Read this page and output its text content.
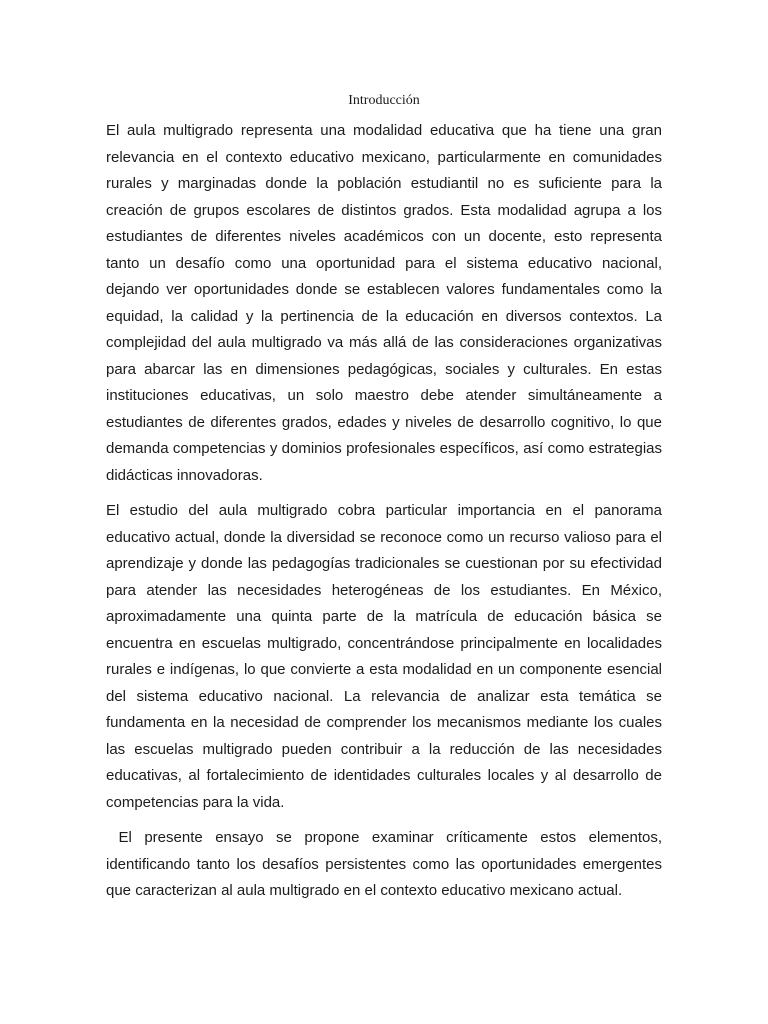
Introducción

El aula multigrado representa una modalidad educativa que ha tiene una gran relevancia en el contexto educativo mexicano, particularmente en comunidades rurales y marginadas donde la población estudiantil no es suficiente para la creación de grupos escolares de distintos grados. Esta modalidad agrupa a los estudiantes de diferentes niveles académicos con un docente, esto representa tanto un desafío como una oportunidad para el sistema educativo nacional, dejando ver oportunidades donde se establecen valores fundamentales como la equidad, la calidad y la pertinencia de la educación en diversos contextos. La complejidad del aula multigrado va más allá de las consideraciones organizativas para abarcar las en dimensiones pedagógicas, sociales y culturales. En estas instituciones educativas, un solo maestro debe atender simultáneamente a estudiantes de diferentes grados, edades y niveles de desarrollo cognitivo, lo que demanda competencias y dominios profesionales específicos, así como estrategias didácticas innovadoras.

El estudio del aula multigrado cobra particular importancia en el panorama educativo actual, donde la diversidad se reconoce como un recurso valioso para el aprendizaje y donde las pedagogías tradicionales se cuestionan por su efectividad para atender las necesidades heterogéneas de los estudiantes. En México, aproximadamente una quinta parte de la matrícula de educación básica se encuentra en escuelas multigrado, concentrándose principalmente en localidades rurales e indígenas, lo que convierte a esta modalidad en un componente esencial del sistema educativo nacional. La relevancia de analizar esta temática se fundamenta en la necesidad de comprender los mecanismos mediante los cuales las escuelas multigrado pueden contribuir a la reducción de las necesidades educativas, al fortalecimiento de identidades culturales locales y al desarrollo de competencias para la vida.

El presente ensayo se propone examinar críticamente estos elementos, identificando tanto los desafíos persistentes como las oportunidades emergentes que caracterizan al aula multigrado en el contexto educativo mexicano actual.
